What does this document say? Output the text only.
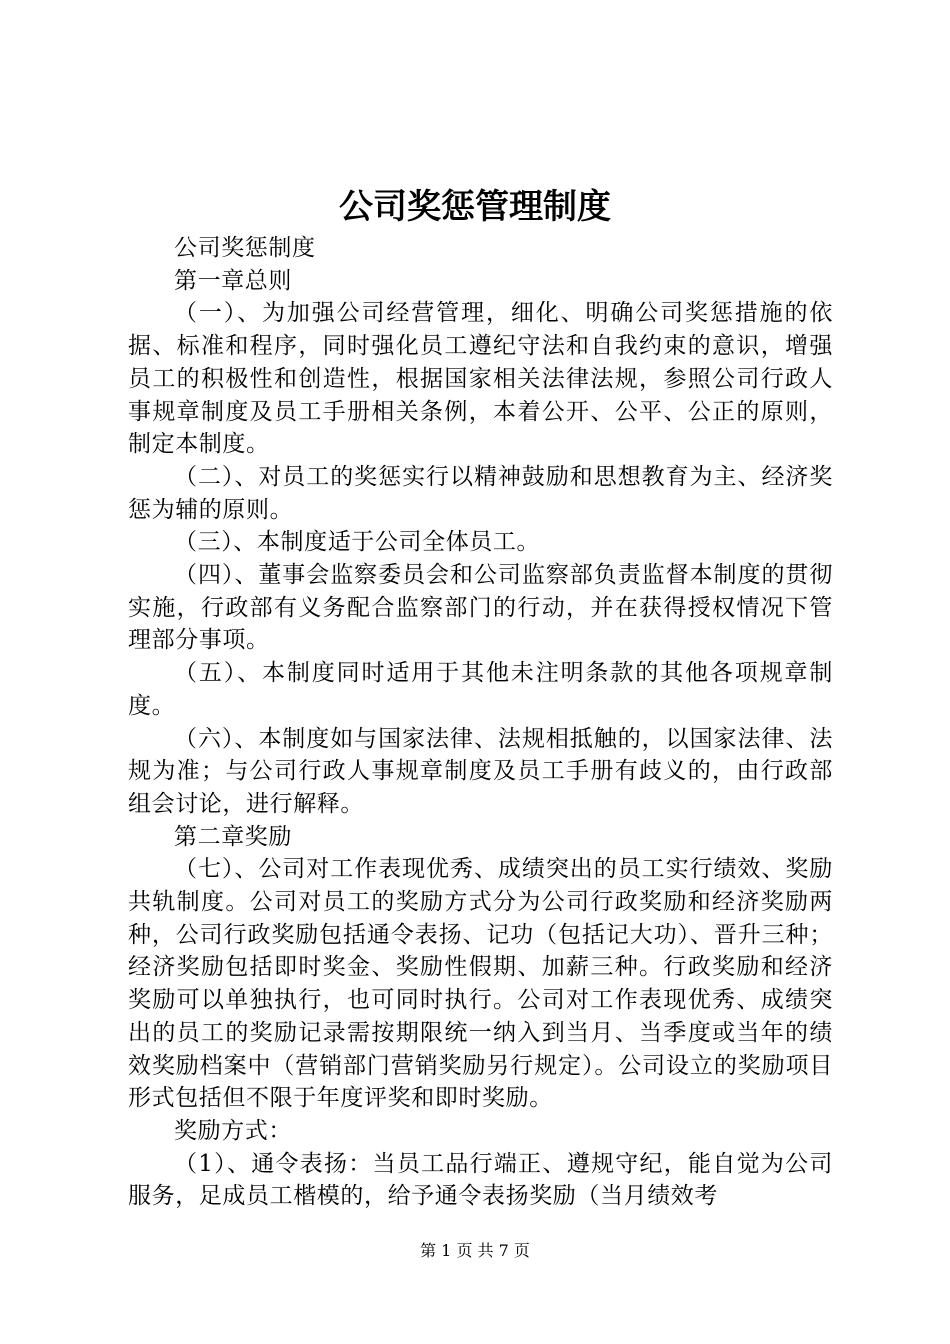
公司奖惩管理制度

公司奖惩制度

第一章总则

（一）、为加强公司经营管理，细化、明确公司奖惩措施的依据、标准和程序，同时强化员工遵纪守法和自我约束的意识，增强员工的积极性和创造性，根据国家相关法律法规，参照公司行政人事规章制度及员工手册相关条例，本着公开、公平、公正的原则，制定本制度。

（二）、对员工的奖惩实行以精神鼓励和思想教育为主、经济奖惩为辅的原则。

（三）、本制度适于公司全体员工。

（四）、董事会监察委员会和公司监察部负责监督本制度的贯彻实施，行政部有义务配合监察部门的行动，并在获得授权情况下管理部分事项。

（五）、本制度同时适用于其他未注明条款的其他各项规章制度。

（六）、本制度如与国家法律、法规相抵触的，以国家法律、法规为准；与公司行政人事规章制度及员工手册有歧义的，由行政部组会讨论，进行解释。

第二章奖励

（七）、公司对工作表现优秀、成绩突出的员工实行绩效、奖励共轨制度。公司对员工的奖励方式分为公司行政奖励和经济奖励两种，公司行政奖励包括通令表扬、记功（包括记大功）、晋升三种；经济奖励包括即时奖金、奖励性假期、加薪三种。行政奖励和经济奖励可以单独执行，也可同时执行。公司对工作表现优秀、成绩突出的员工的奖励记录需按期限统一纳入到当月、当季度或当年的绩效奖励档案中（营销部门营销奖励另行规定）。公司设立的奖励项目形式包括但不限于年度评奖和即时奖励。

奖励方式：

（1）、通令表扬：当员工品行端正、遵规守纪，能自觉为公司服务，足成员工楷模的，给予通令表扬奖励（当月绩效考

第 1 页 共 7 页
